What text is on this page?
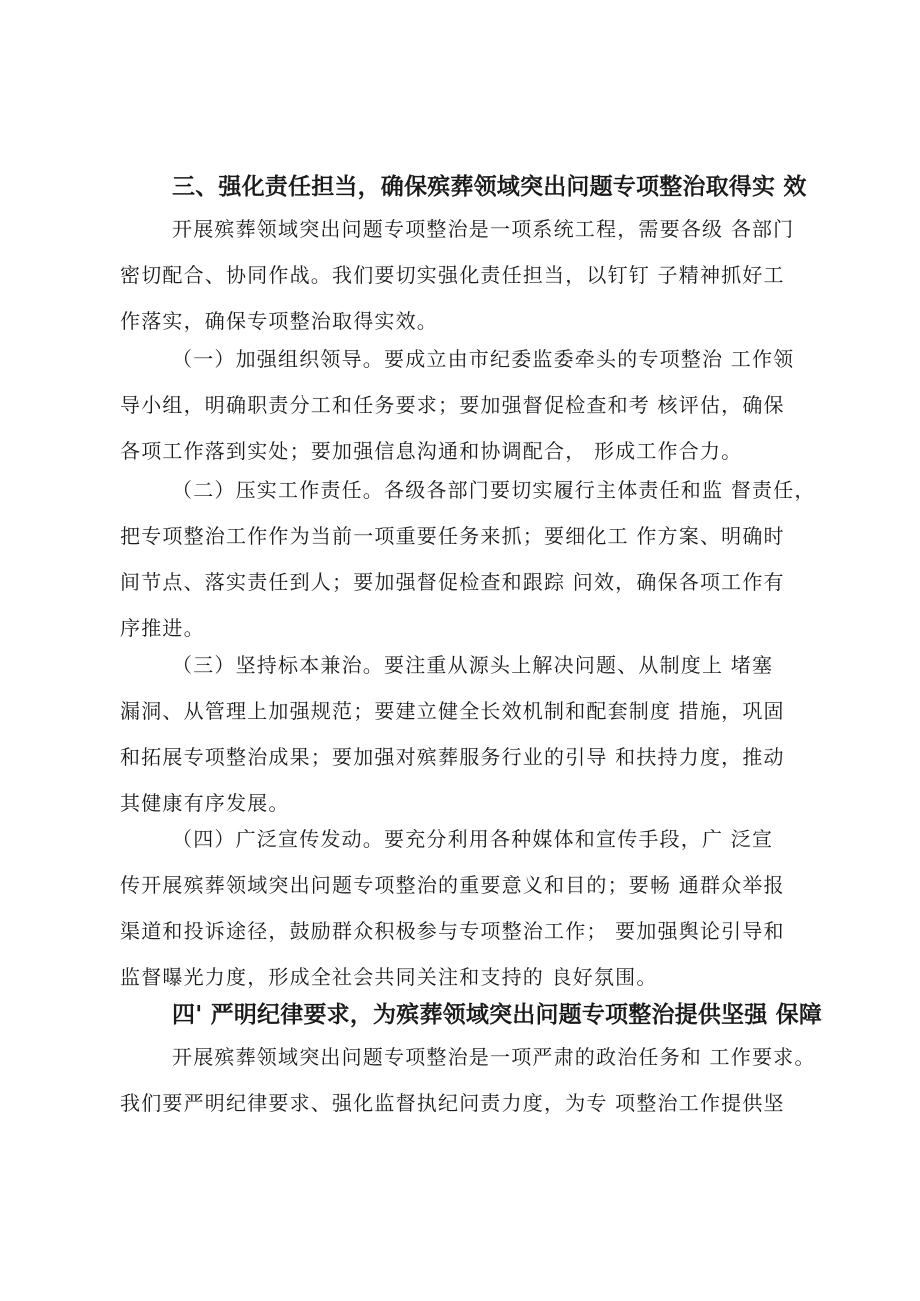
三、强化责任担当，确保殡葬领域突出问题专项整治取得实 效
开展殡葬领域突出问题专项整治是一项系统工程，需要各级 各部门
密切配合、协同作战。我们要切实强化责任担当，以钉钉 子精神抓好工
作落实，确保专项整治取得实效。
（一）加强组织领导。要成立由市纪委监委牵头的专项整治 工作领
导小组，明确职责分工和任务要求；要加强督促检查和考 核评估，确保
各项工作落到实处；要加强信息沟通和协调配合， 形成工作合力。
（二）压实工作责任。各级各部门要切实履行主体责任和监 督责任，
把专项整治工作作为当前一项重要任务来抓；要细化工 作方案、明确时
间节点、落实责任到人；要加强督促检查和跟踪 问效，确保各项工作有
序推进。
（三）坚持标本兼治。要注重从源头上解决问题、从制度上 堵塞
漏洞、从管理上加强规范；要建立健全长效机制和配套制度 措施，巩固
和拓展专项整治成果；要加强对殡葬服务行业的引导 和扶持力度，推动
其健康有序发展。
（四）广泛宣传发动。要充分利用各种媒体和宣传手段，广 泛宣
传开展殡葬领域突出问题专项整治的重要意义和目的；要畅 通群众举报
渠道和投诉途径，鼓励群众积极参与专项整治工作； 要加强舆论引导和
监督曝光力度，形成全社会共同关注和支持的 良好氛围。
四' 严明纪律要求，为殡葬领域突出问题专项整治提供坚强 保障
开展殡葬领域突出问题专项整治是一项严肃的政治任务和 工作要求。
我们要严明纪律要求、强化监督执纪问责力度，为专 项整治工作提供坚
